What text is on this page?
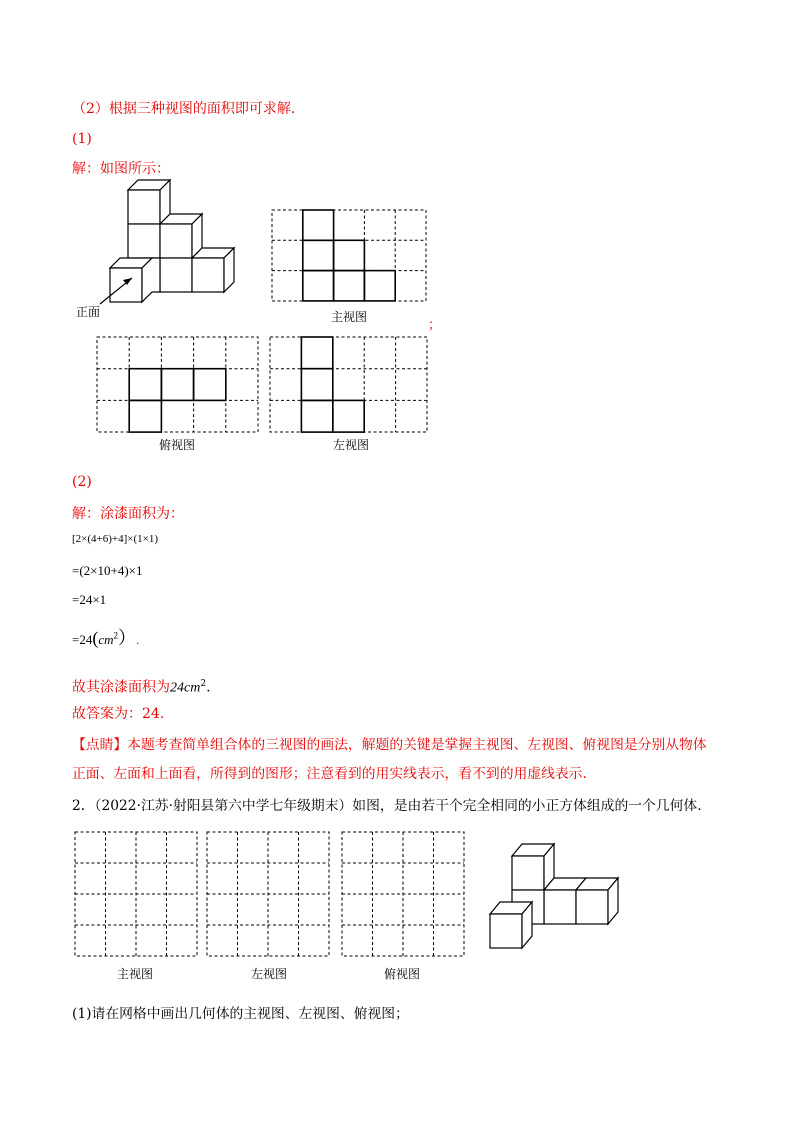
（2）根据三种视图的面积即可求解.
(1)
解：如图所示：
正面	主视图
；
俯视图	左视图
(2)
解：涂漆面积为：
[2×(4+6)+4]×(1×1)
=(2×10+4)×1
=24×1
$=24(cm^2)$.
故其涂漆面积为$24cm^2$.
故答案为：24.
【点睛】本题考查简单组合体的三视图的画法，解题的关键是掌握主视图、左视图、俯视图是分别从物体
正面、左面和上面看，所得到的图形；注意看到的用实线表示，看不到的用虚线表示.
2．（2022·江苏·射阳县第六中学七年级期末）如图，是由若干个完全相同的小正方体组成的一个几何体.
主视图	左视图	俯视图
(1)请在网格中画出几何体的主视图、左视图、俯视图；
